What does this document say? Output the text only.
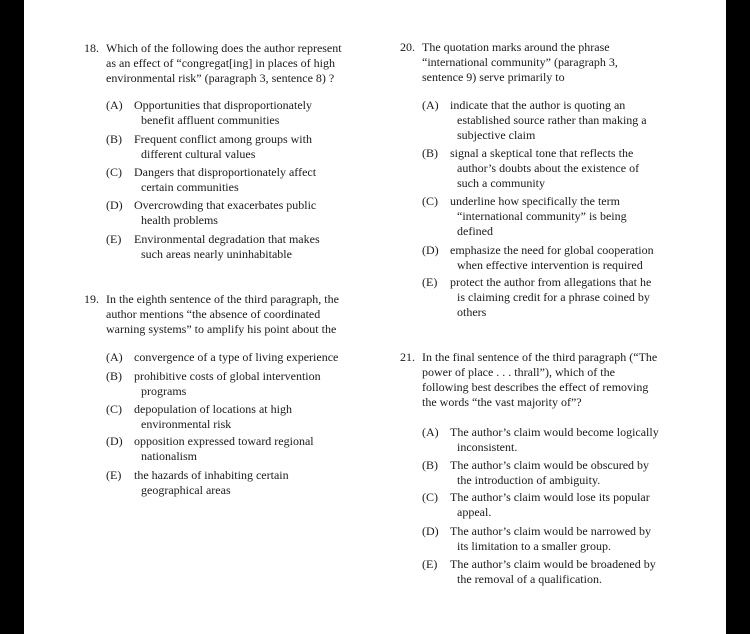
18. Which of the following does the author represent
as an effect of “congregat[ing] in places of high
environmental risk” (paragraph 3, sentence 8) ?
(A) Opportunities that disproportionately
benefit affluent communities
(B) Frequent conflict among groups with
different cultural values
(C) Dangers that disproportionately affect
certain communities
(D) Overcrowding that exacerbates public
health problems
(E) Environmental degradation that makes
such areas nearly uninhabitable
19. In the eighth sentence of the third paragraph, the
author mentions “the absence of coordinated
warning systems” to amplify his point about the
(A) convergence of a type of living experience
(B) prohibitive costs of global intervention
programs
(C) depopulation of locations at high
environmental risk
(D) opposition expressed toward regional
nationalism
(E) the hazards of inhabiting certain
geographical areas
20. The quotation marks around the phrase
“international community” (paragraph 3,
sentence 9) serve primarily to
(A) indicate that the author is quoting an
established source rather than making a
subjective claim
(B) signal a skeptical tone that reflects the
author’s doubts about the existence of
such a community
(C) underline how specifically the term
“international community” is being
defined
(D) emphasize the need for global cooperation
when effective intervention is required
(E) protect the author from allegations that he
is claiming credit for a phrase coined by
others
21. In the final sentence of the third paragraph (“The
power of place . . . thrall”), which of the
following best describes the effect of removing
the words “the vast majority of”?
(A) The author’s claim would become logically
inconsistent.
(B) The author’s claim would be obscured by
the introduction of ambiguity.
(C) The author’s claim would lose its popular
appeal.
(D) The author’s claim would be narrowed by
its limitation to a smaller group.
(E) The author’s claim would be broadened by
the removal of a qualification.
